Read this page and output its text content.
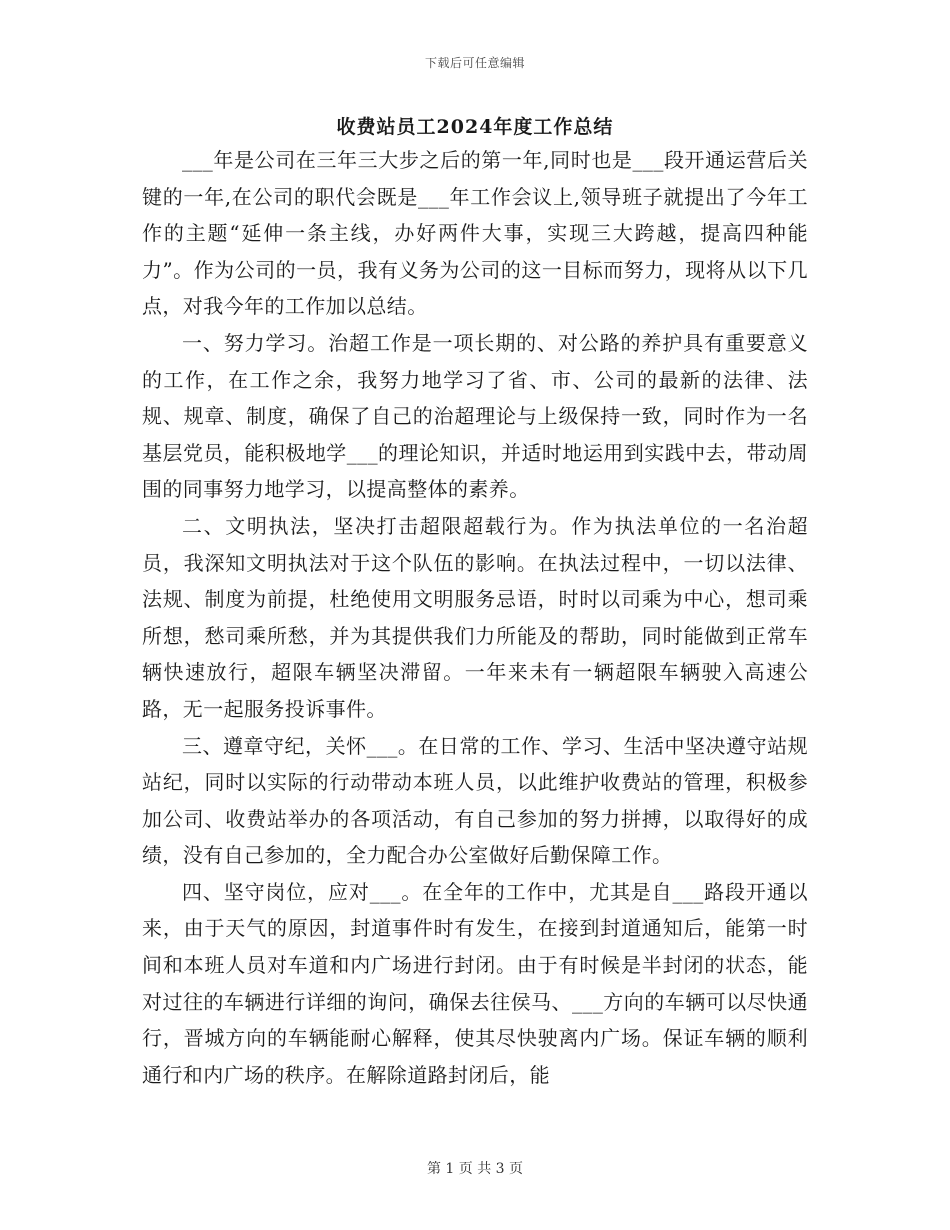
下载后可任意编辑
收费站员工2024年度工作总结

___年是公司在三年三大步之后的第一年,同时也是___段开通运营后关键的一年,在公司的职代会既是___年工作会议上,领导班子就提出了今年工作的主题“延伸一条主线，办好两件大事，实现三大跨越，提高四种能力”。作为公司的一员，我有义务为公司的这一目标而努力，现将从以下几点，对我今年的工作加以总结。

一、努力学习。治超工作是一项长期的、对公路的养护具有重要意义的工作，在工作之余，我努力地学习了省、市、公司的最新的法律、法规、规章、制度，确保了自己的治超理论与上级保持一致，同时作为一名基层党员，能积极地学___的理论知识，并适时地运用到实践中去，带动周围的同事努力地学习，以提高整体的素养。

二、文明执法，坚决打击超限超载行为。作为执法单位的一名治超员，我深知文明执法对于这个队伍的影响。在执法过程中，一切以法律、法规、制度为前提，杜绝使用文明服务忌语，时时以司乘为中心，想司乘所想，愁司乘所愁，并为其提供我们力所能及的帮助，同时能做到正常车辆快速放行，超限车辆坚决滞留。一年来未有一辆超限车辆驶入高速公路，无一起服务投诉事件。

三、遵章守纪，关怀___。在日常的工作、学习、生活中坚决遵守站规站纪，同时以实际的行动带动本班人员，以此维护收费站的管理，积极参加公司、收费站举办的各项活动，有自己参加的努力拼搏，以取得好的成绩，没有自己参加的，全力配合办公室做好后勤保障工作。

四、坚守岗位，应对___。在全年的工作中，尤其是自___路段开通以来，由于天气的原因，封道事件时有发生，在接到封道通知后，能第一时间和本班人员对车道和内广场进行封闭。由于有时候是半封闭的状态，能对过往的车辆进行详细的询问，确保去往侯马、___方向的车辆可以尽快通行，晋城方向的车辆能耐心解释，使其尽快驶离内广场。保证车辆的顺利通行和内广场的秩序。在解除道路封闭后，能

第 1 页 共 3 页
